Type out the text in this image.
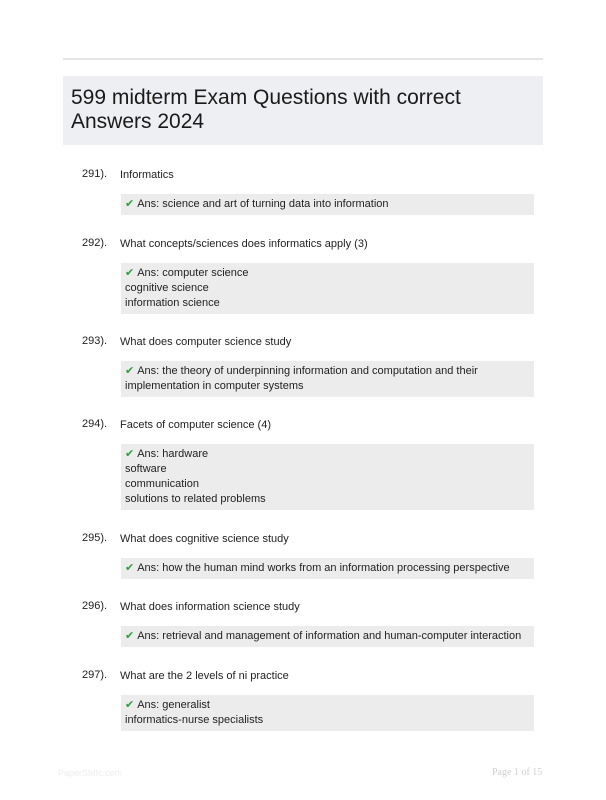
599 midterm Exam Questions with correct Answers 2024
291). Informatics
✔ Ans: science and art of turning data into information
292). What concepts/sciences does informatics apply (3)
✔ Ans: computer science
cognitive science
information science
293). What does computer science study
✔ Ans: the theory of underpinning information and computation and their
implementation in computer systems
294). Facets of computer science (4)
✔ Ans: hardware
software
communication
solutions to related problems
295). What does cognitive science study
✔ Ans: how the human mind works from an information processing perspective
296). What does information science study
✔ Ans: retrieval and management of information and human-computer interaction
297). What are the 2 levels of ni practice
✔ Ans: generalist
informatics-nurse specialists
PaperSbIIc.com	Page 1 of 15
